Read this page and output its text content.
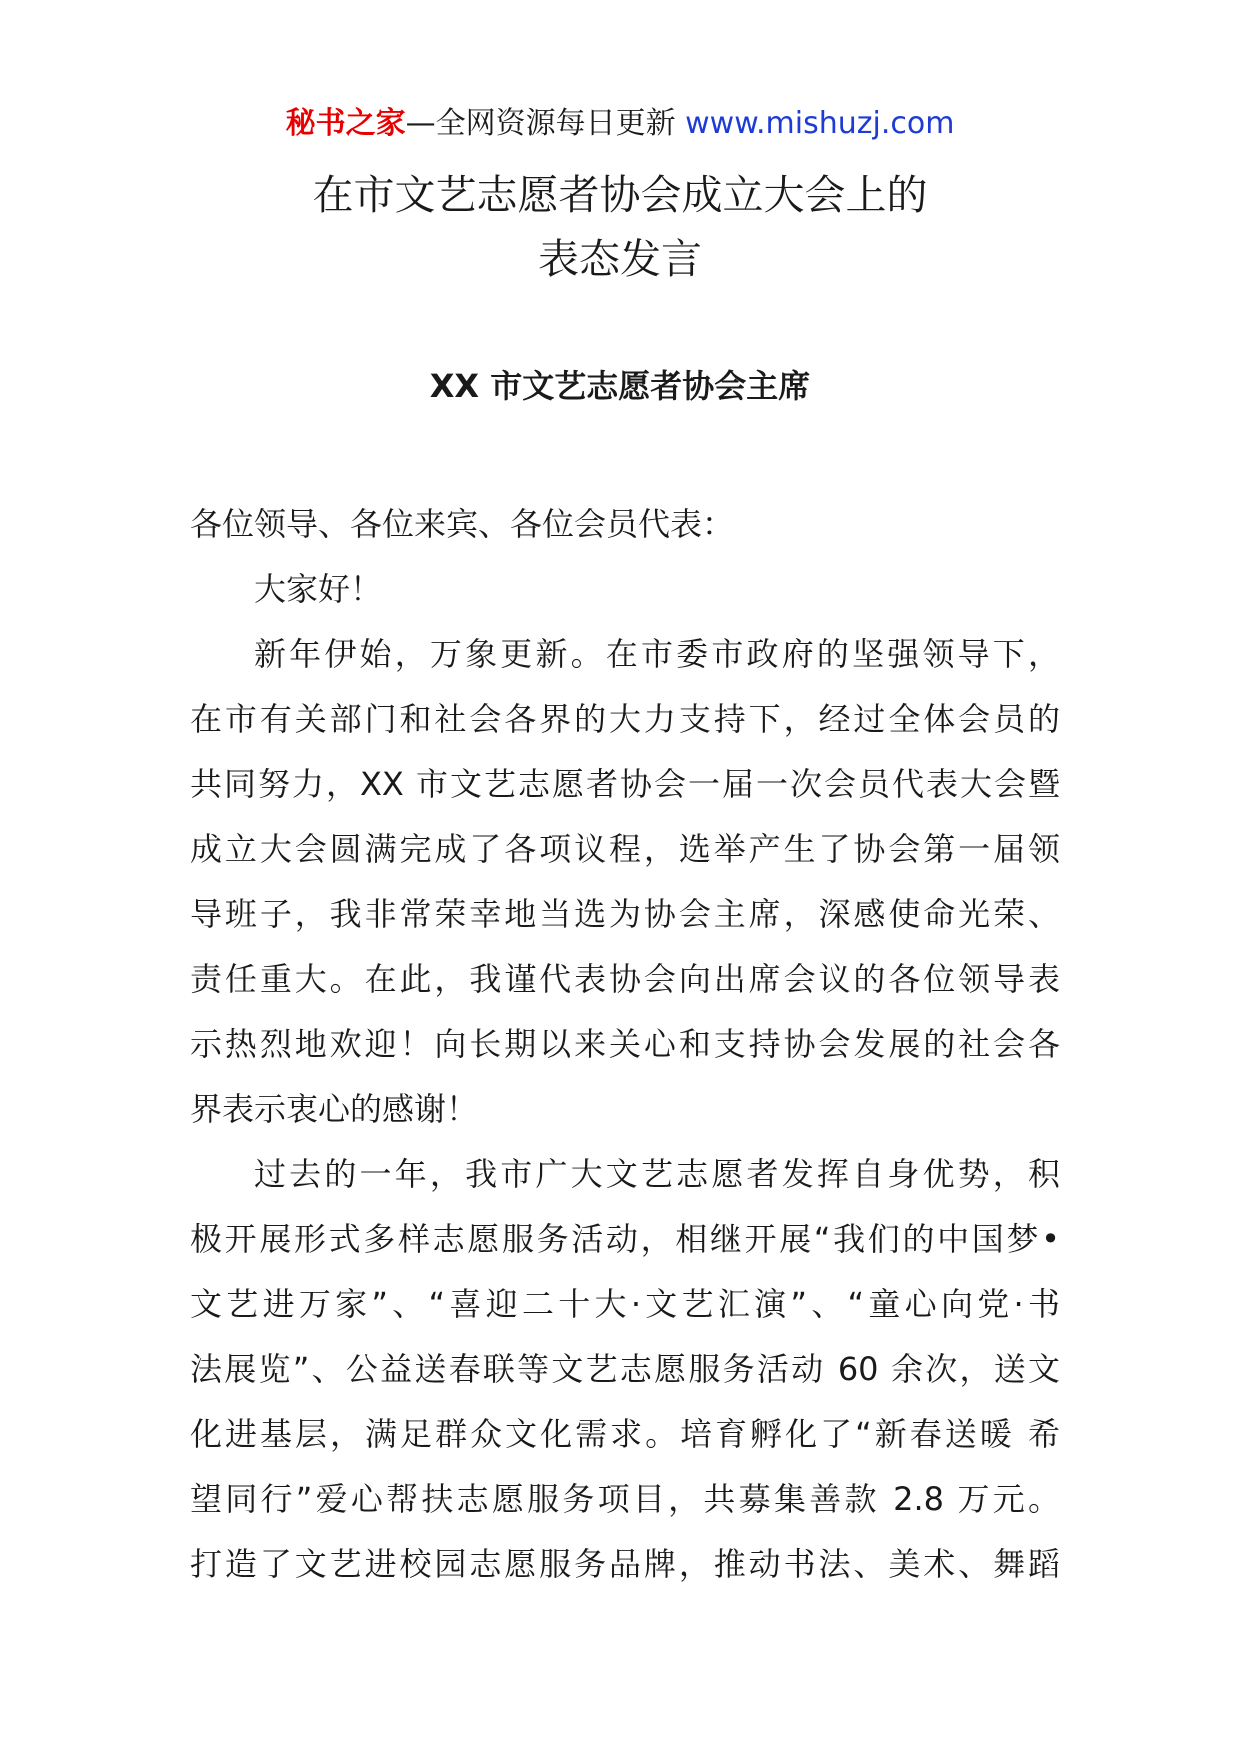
秘书之家—全网资源每日更新 www.mishuzj.com
在市文艺志愿者协会成立大会上的
表态发言
XX 市文艺志愿者协会主席
各位领导、各位来宾、各位会员代表：
大家好！
新年伊始，万象更新。在市委市政府的坚强领导下，
在市有关部门和社会各界的大力支持下，经过全体会员的
共同努力，XX 市文艺志愿者协会一届一次会员代表大会暨
成立大会圆满完成了各项议程，选举产生了协会第一届领
导班子，我非常荣幸地当选为协会主席，深感使命光荣、
责任重大。在此，我谨代表协会向出席会议的各位领导表
示热烈地欢迎！向长期以来关心和支持协会发展的社会各
界表示衷心的感谢！
过去的一年，我市广大文艺志愿者发挥自身优势，积
极开展形式多样志愿服务活动，相继开展“我们的中国梦•
文艺进万家”、“喜迎二十大·文艺汇演”、“童心向党·书
法展览”、公益送春联等文艺志愿服务活动 60 余次，送文
化进基层，满足群众文化需求。培育孵化了“新春送暖 希
望同行”爱心帮扶志愿服务项目，共募集善款 2.8 万元。
打造了文艺进校园志愿服务品牌，推动书法、美术、舞蹈
